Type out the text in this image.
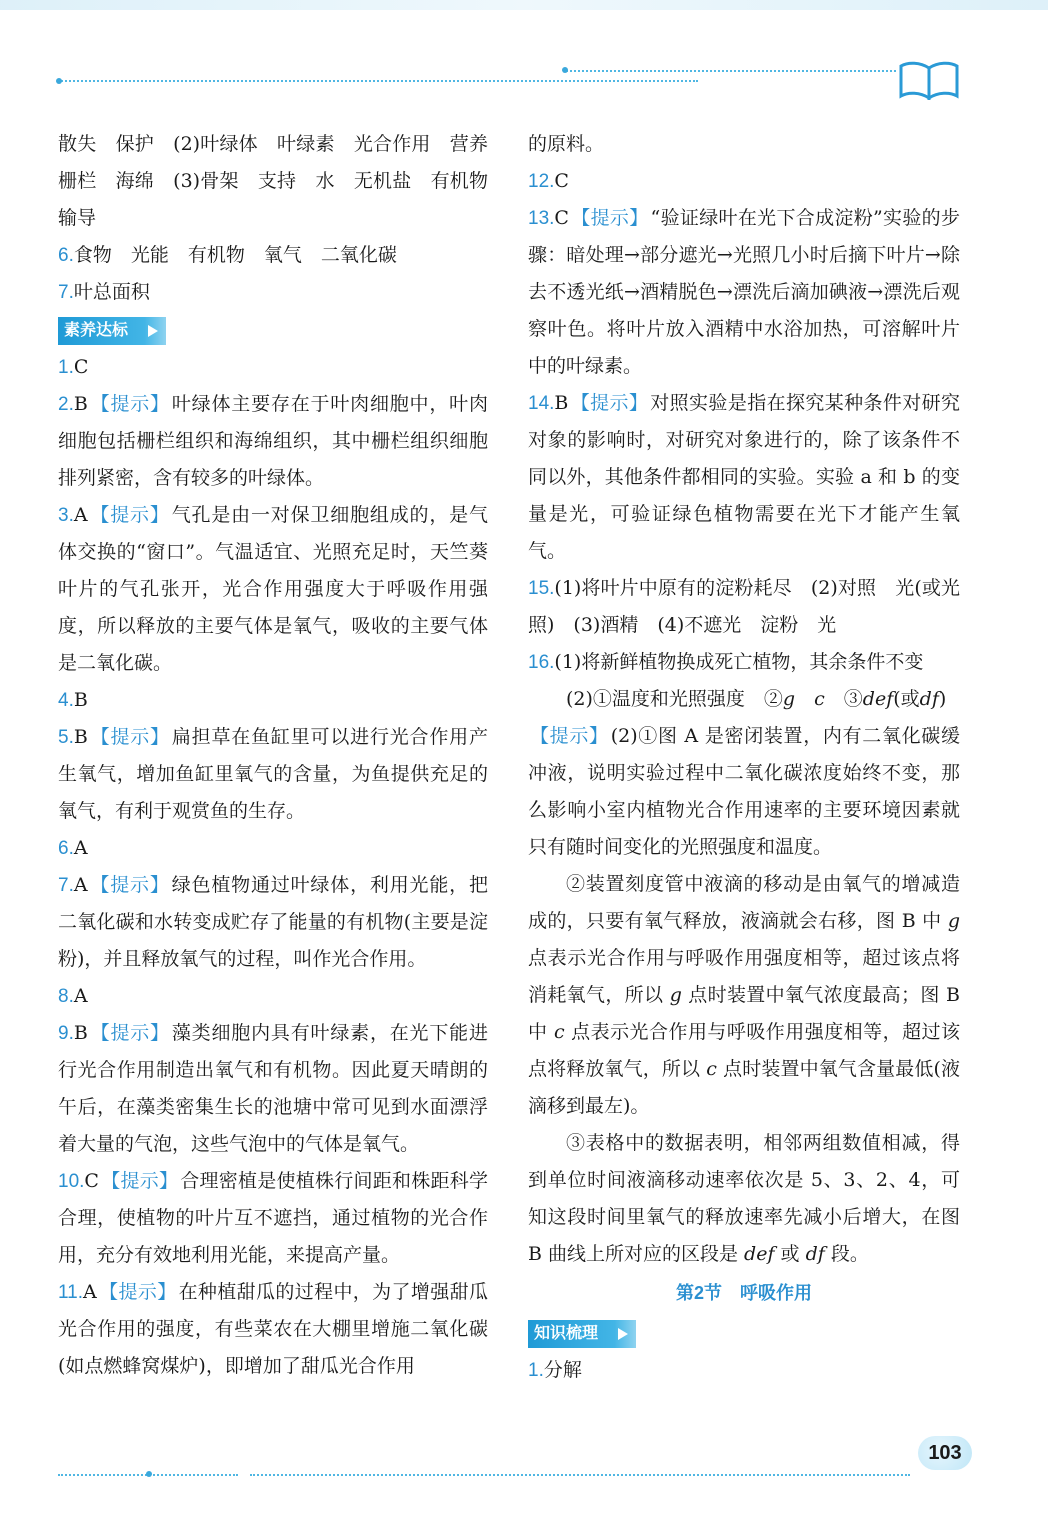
散失　保护　(2)叶绿体　叶绿素　光合作用　营养　栅栏　海绵　(3)骨架　支持　水　无机盐　有机物　输导

6.食物　光能　有机物　氧气　二氧化碳

7.叶总面积

素养达标

1.C

2.B 【提示】 叶绿体主要存在于叶肉细胞中，叶肉细胞包括栅栏组织和海绵组织，其中栅栏组织细胞排列紧密，含有较多的叶绿体。

3.A 【提示】 气孔是由一对保卫细胞组成的，是气体交换的“窗口”。气温适宜、光照充足时，天竺葵叶片的气孔张开，光合作用强度大于呼吸作用强度，所以释放的主要气体是氧气，吸收的主要气体是二氧化碳。

4.B

5.B 【提示】 扁担草在鱼缸里可以进行光合作用产生氧气，增加鱼缸里氧气的含量，为鱼提供充足的氧气，有利于观赏鱼的生存。

6.A

7.A 【提示】 绿色植物通过叶绿体，利用光能，把二氧化碳和水转变成贮存了能量的有机物(主要是淀粉)，并且释放氧气的过程，叫作光合作用。

8.A

9.B 【提示】 藻类细胞内具有叶绿素，在光下能进行光合作用制造出氧气和有机物。因此夏天晴朗的午后，在藻类密集生长的池塘中常可见到水面漂浮着大量的气泡，这些气泡中的气体是氧气。

10.C 【提示】 合理密植是使植株行间距和株距科学合理，使植物的叶片互不遮挡，通过植物的光合作用，充分有效地利用光能，来提高产量。

11.A 【提示】 在种植甜瓜的过程中，为了增强甜瓜光合作用的强度，有些菜农在大棚里增施二氧化碳(如点燃蜂窝煤炉)，即增加了甜瓜光合作用

的原料。

12.C

13.C 【提示】 “验证绿叶在光下合成淀粉”实验的步骤：暗处理→部分遮光→光照几小时后摘下叶片→除去不透光纸→酒精脱色→漂洗后滴加碘液→漂洗后观察叶色。将叶片放入酒精中水浴加热，可溶解叶片中的叶绿素。

14.B 【提示】 对照实验是指在探究某种条件对研究对象的影响时，对研究对象进行的，除了该条件不同以外，其他条件都相同的实验。实验 a 和 b 的变量是光，可验证绿色植物需要在光下才能产生氧气。

15.(1)将叶片中原有的淀粉耗尽　(2)对照　光(或光照)　(3)酒精　(4)不遮光　淀粉　光

16.(1)将新鲜植物换成死亡植物，其余条件不变

(2)①温度和光照强度　②g　 c　③def(或df)

【提示】 (2)①图 A 是密闭装置，内有二氧化碳缓冲液，说明实验过程中二氧化碳浓度始终不变，那么影响小室内植物光合作用速率的主要环境因素就只有随时间变化的光照强度和温度。

②装置刻度管中液滴的移动是由氧气的增减造成的，只要有氧气释放，液滴就会右移，图 B 中 g 点表示光合作用与呼吸作用强度相等，超过该点将消耗氧气，所以 g 点时装置中氧气浓度最高；图 B 中 c 点表示光合作用与呼吸作用强度相等，超过该点将释放氧气，所以 c 点时装置中氧气含量最低(液滴移到最左)。

③表格中的数据表明，相邻两组数值相减，得到单位时间液滴移动速率依次是 5、3、2、4，可知这段时间里氧气的释放速率先减小后增大，在图 B 曲线上所对应的区段是 def 或 df 段。

第2节　呼吸作用
知识梳理

1.分解

103
